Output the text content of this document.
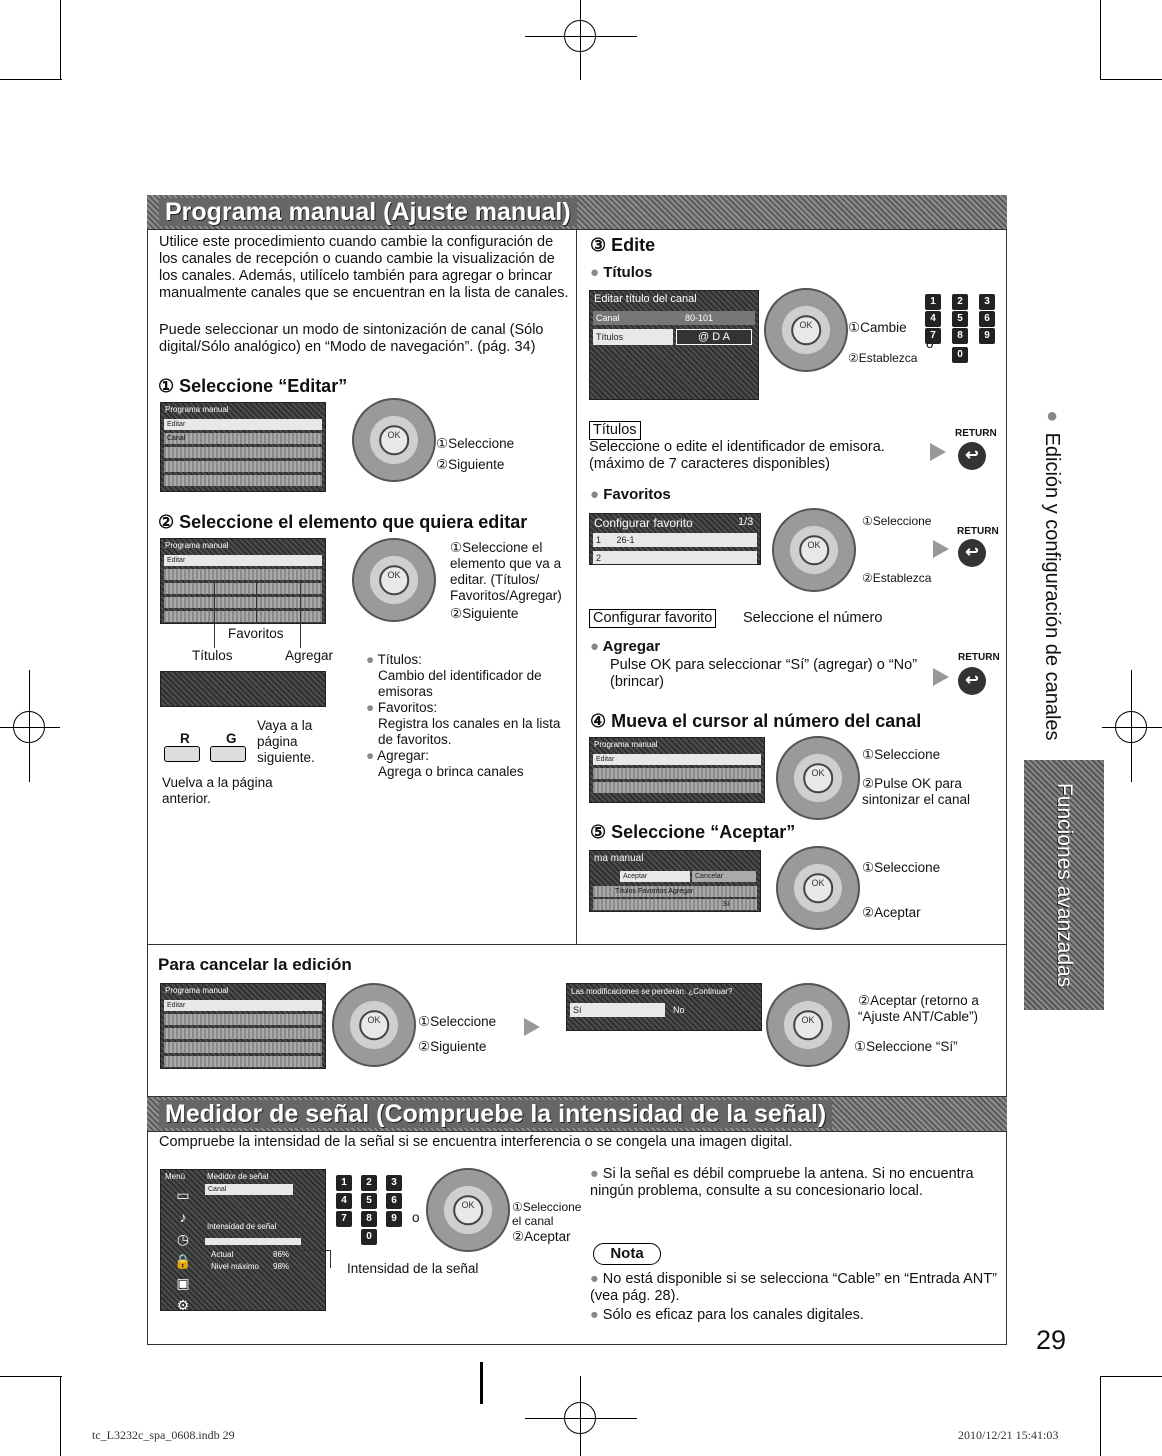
Programa manual (Ajuste manual)
Utilice este procedimiento cuando cambie la configuración de los canales de recepción o cuando cambie la visualización de los canales. Además, utilícelo también para agregar o brincar manualmente canales que se encuentran en la lista de canales.
Puede seleccionar un modo de sintonización de canal (Sólo digital/Sólo analógico) en “Modo de navegación”. (pág. 34)
① Seleccione “Editar”
Programa manual
Editar
Canal OK	①Seleccione
②Siguiente
② Seleccione el elemento que quiera editar
Programa manual
Editar
Favoritos
Títulos	Agregar
OK
①Seleccione el elemento que va a editar. (Títulos/ Favoritos/Agregar)
②Siguiente
R	G
Vaya a la página siguiente.
Vuelva a la página anterior.
● Títulos:
Cambio del identificador de emisoras
● Favoritos:
Registra los canales en la lista de favoritos.
● Agregar:
Agrega o brinca canales
③ Edite
● Títulos
Editar título del canal
Canal	80-101
Títulos	@ D A
OK
①Cambie
②Establezca
1	2	3
4	5	6
7	8	9
0
Títulos
Seleccione o edite el identificador de emisora. (máximo de 7 caracteres disponibles)
RETURN
↩
● Favoritos
Configurar favorito	1/3
1 26-1
2
OK
①Seleccione
②Establezca
RETURN
↩
Configurar favorito Seleccione el número
● Agregar
Pulse OK para seleccionar “Sí” (agregar) o “No” (brincar)
RETURN
↩
④ Mueva el cursor al número del canal
Programa manual
Editar OK	①Seleccione
②Pulse OK para sintonizar el canal
⑤ Seleccione “Aceptar”
ma manual
Aceptar	Cancelar
Títulos Favoritos Agregar
Sí
OK
①Seleccione
②Aceptar
Para cancelar la edición
Programa manual
Editar
OK
①Seleccione
②Siguiente
Las modificaciones se perderán. ¿Continuar?
Sí	No
OK
②Aceptar (retorno a “Ajuste ANT/Cable”)
①Seleccione “Sí”
Medidor de señal (Compruebe la intensidad de la señal)
Compruebe la intensidad de la señal si se encuentra interferencia o se congela una imagen digital.
Menú	Medidor de señal
Canal
Intensidad de señal
Actual	86%
Nivel máximo 98%
▭
♪
◷
🔒
▣
⚙
Intensidad de la señal
1	2	3
4	5	6
7	8	9
0
o
OK
①Seleccione el canal
②Aceptar
● Si la señal es débil compruebe la antena. Si no encuentra ningún problema, consulte a su concesionario local.
Nota
● No está disponible si se selecciona “Cable” en “Entrada ANT” (vea pág. 28).
● Sólo es eficaz para los canales digitales.
● Edición y configuración de canales
Funciones avanzadas
29
tc_L3232c_spa_0608.indb 29	2010/12/21 15:41:03
